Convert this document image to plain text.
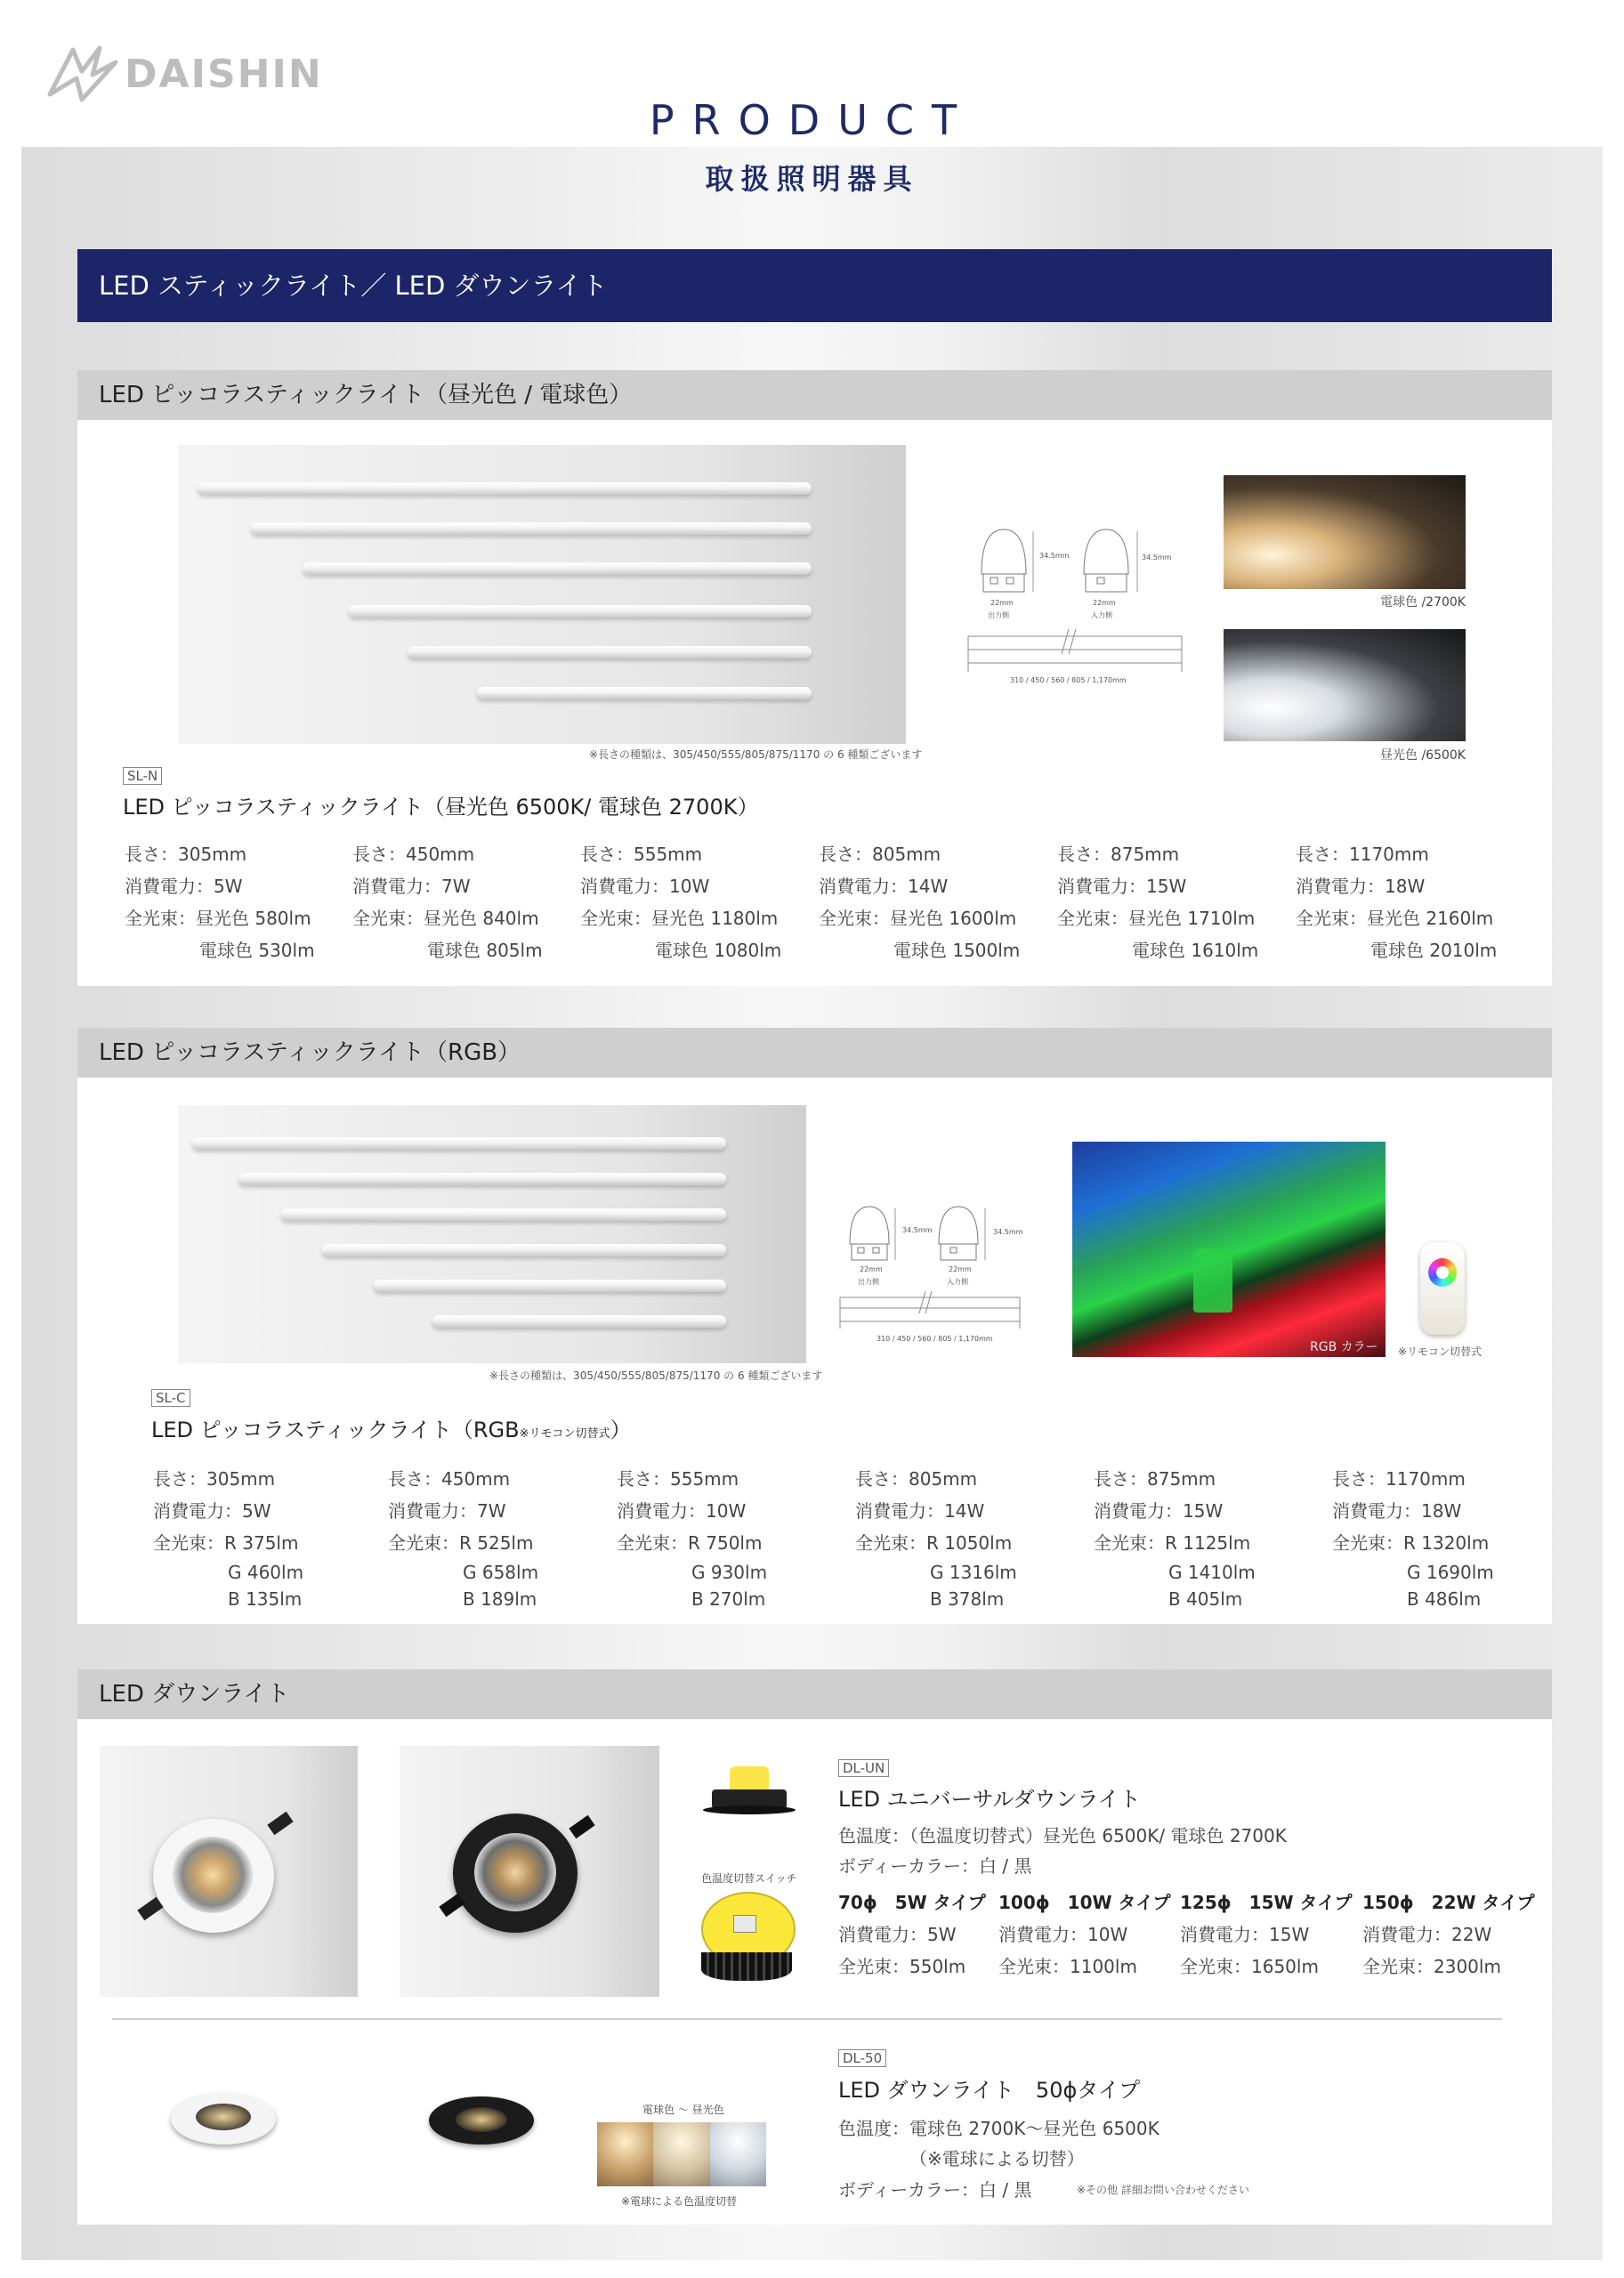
DAISHIN
PRODUCT
取扱照明器具
LED スティックライト／ LED ダウンライト
LED ピッコラスティックライト（昼光色 / 電球色）
※長さの種類は、305/450/555/805/875/1170 の 6 種類ございます
34.5mm	34.5mm
22mm	22mm
出力側	入力側
310 / 450 / 560 / 805 / 1,170mm
電球色 /2700K
昼光色 /6500K
SL-N
LED ピッコラスティックライト（昼光色 6500K/ 電球色 2700K）
長さ：305mm
消費電力：5W
全光束：昼光色 580lm
電球色 530lm
長さ：450mm
消費電力：7W
全光束：昼光色 840lm
電球色 805lm
長さ：555mm
消費電力：10W
全光束：昼光色 1180lm
電球色 1080lm
長さ：805mm
消費電力：14W
全光束：昼光色 1600lm
電球色 1500lm
長さ：875mm
消費電力：15W
全光束：昼光色 1710lm
電球色 1610lm
長さ：1170mm
消費電力：18W
全光束：昼光色 2160lm
電球色 2010lm
LED ピッコラスティックライト（RGB）
※長さの種類は、305/450/555/805/875/1170 の 6 種類ございます
34.5mm	34.5mm
22mm	22mm
出力側	入力側
310 / 450 / 560 / 805 / 1,170mm
RGB カラー ※リモコン切替式
SL-C
LED ピッコラスティックライト（RGB※リモコン切替式）
長さ：305mm
消費電力：5W
全光束：R 375lm
G 460lm
B 135lm
長さ：450mm
消費電力：7W
全光束：R 525lm
G 658lm
B 189lm
長さ：555mm
消費電力：10W
全光束：R 750lm
G 930lm
B 270lm
長さ：805mm
消費電力：14W
全光束：R 1050lm
G 1316lm
B 378lm
長さ：875mm
消費電力：15W
全光束：R 1125lm
G 1410lm
B 405lm
長さ：1170mm
消費電力：18W
全光束：R 1320lm
G 1690lm
B 486lm
LED ダウンライト
色温度切替スイッチ
DL-UN
LED ユニバーサルダウンライト
色温度：（色温度切替式）昼光色 6500K/ 電球色 2700K
ボディーカラー：白 / 黒
70ϕ　5W タイプ
消費電力：5W
全光束：550lm
100ϕ　10W タイプ
消費電力：10W
全光束：1100lm
125ϕ　15W タイプ
消費電力：15W
全光束：1650lm
150ϕ　22W タイプ
消費電力：22W
全光束：2300lm
電球色 〜 昼光色
※電球による色温度切替
DL-50
LED ダウンライト　50ϕタイプ
色温度：電球色 2700K〜昼光色 6500K
（※電球による切替）
ボディーカラー：白 / 黒	※その他 詳細お問い合わせください
